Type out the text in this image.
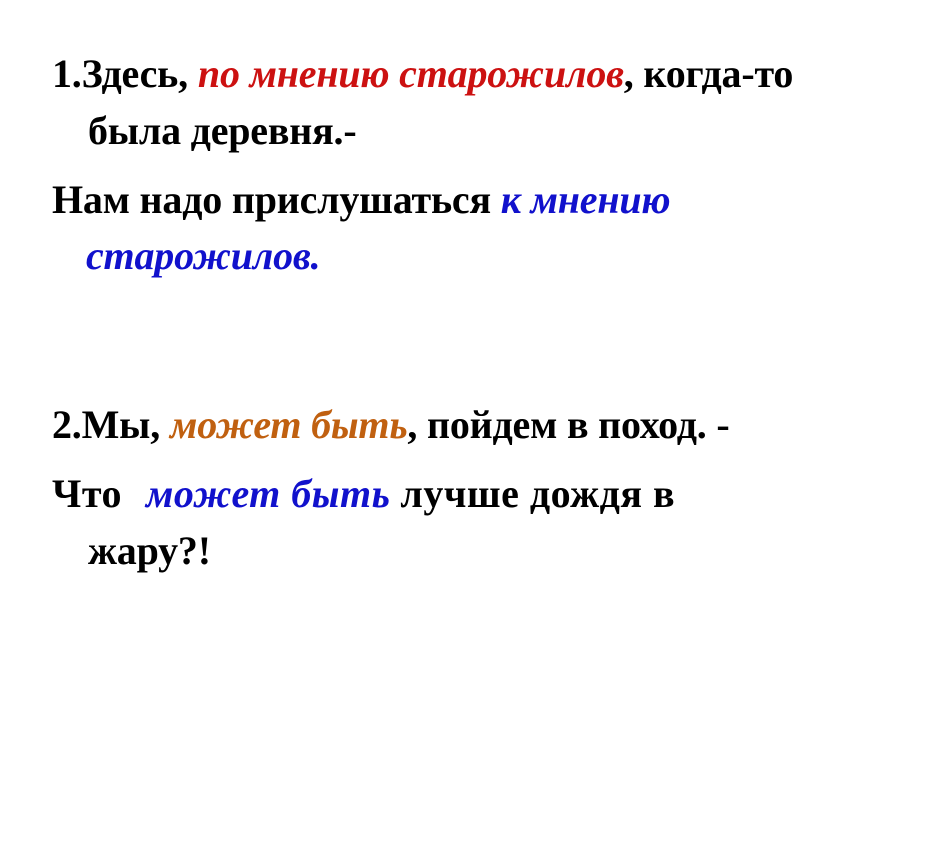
1.Здесь, по мнению старожилов, когда-то

была деревня.-

Нам надо прислушаться к мнению

старожилов.

2.Мы, может быть, пойдем в поход. -

Что может быть лучше дождя в

жару?!
